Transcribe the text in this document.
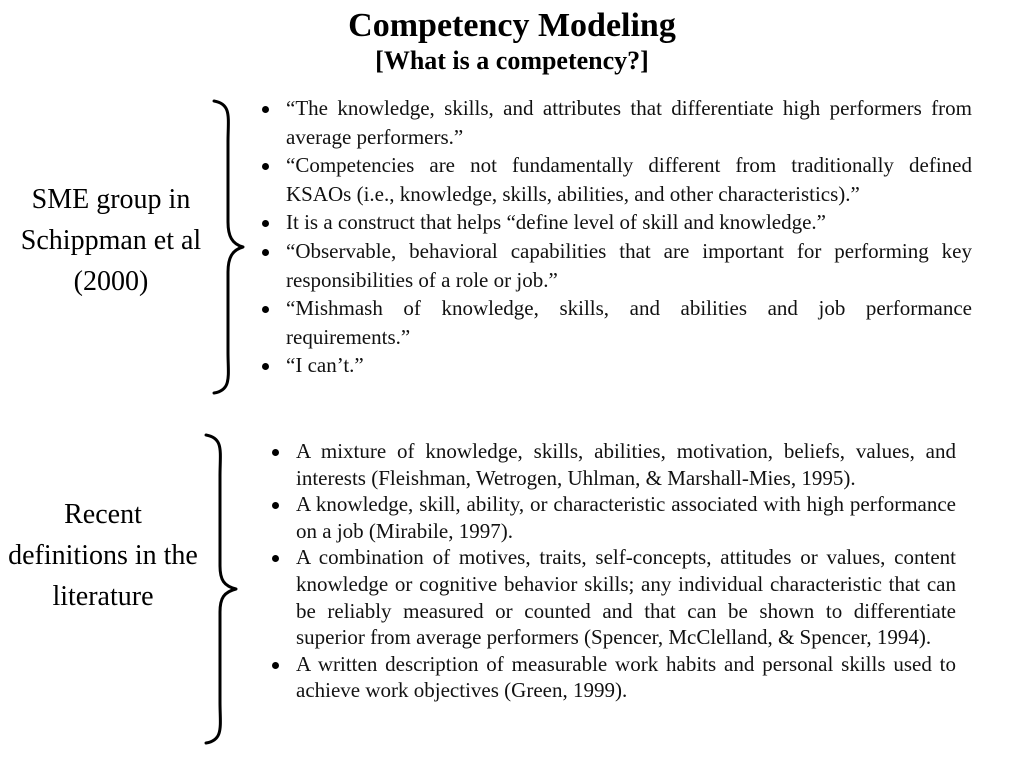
Competency Modeling
[What is a competency?]
SME group in Schippman et al (2000)
“The knowledge, skills, and attributes that differentiate high performers from average performers.”
“Competencies are not fundamentally different from traditionally defined KSAOs (i.e., knowledge, skills, abilities, and other characteristics).”
It is a construct that helps “define level of skill and knowledge.”
“Observable, behavioral capabilities that are important for performing key responsibilities of a role or job.”
“Mishmash of knowledge, skills, and abilities and job performance requirements.”
“I can’t.”
Recent definitions in the literature
A mixture of knowledge, skills, abilities, motivation, beliefs, values, and interests (Fleishman, Wetrogen, Uhlman, & Marshall-Mies, 1995).
A knowledge, skill, ability, or characteristic associated with high performance on a job (Mirabile, 1997).
A combination of motives, traits, self-concepts, attitudes or values, content knowledge or cognitive behavior skills; any individual characteristic that can be reliably measured or counted and that can be shown to differentiate superior from average performers (Spencer, McClelland, & Spencer, 1994).
A written description of measurable work habits and personal skills used to achieve work objectives (Green, 1999).
